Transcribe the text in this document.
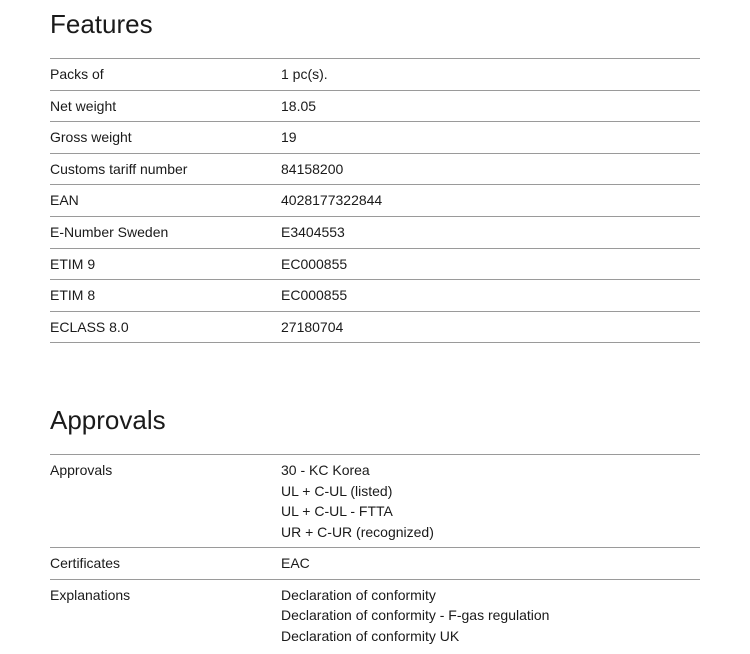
Features
Packs of	1 pc(s).
Net weight	18.05
Gross weight	19
Customs tariff number	84158200
EAN	4028177322844
E-Number Sweden	E3404553
ETIM 9	EC000855
ETIM 8	EC000855
ECLASS 8.0	27180704
Approvals
Approvals	30 - KC Korea
UL + C-UL (listed)
UL + C-UL - FTTA
UR + C-UR (recognized)
Certificates	EAC
Explanations	Declaration of conformity
Declaration of conformity - F-gas regulation
Declaration of conformity UK
